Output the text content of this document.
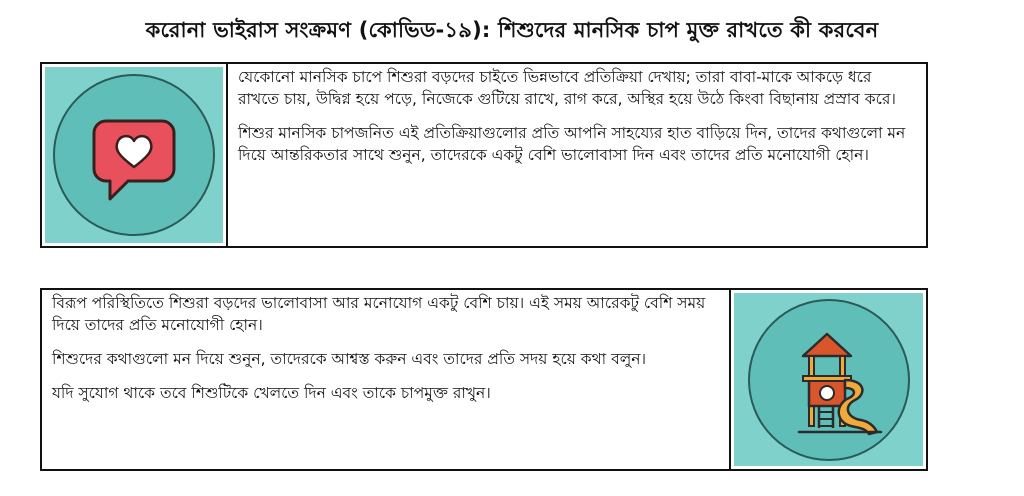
করোনা ভাইরাস সংক্রমণ (কোভিড-১৯): শিশুদের মানসিক চাপ মুক্ত রাখতে কী করবেন

যেকোনো মানসিক চাপে শিশুরা বড়দের চাইতে ভিন্নভাবে প্রতিক্রিয়া দেখায়; তারা বাবা-মাকে আকড়ে ধরে রাখতে চায়, উদ্বিগ্ন হয়ে পড়ে, নিজেকে গুটিয়ে রাখে, রাগ করে, অস্থির হয়ে উঠে কিংবা বিছানায় প্রস্রাব করে।

শিশুর মানসিক চাপজনিত এই প্রতিক্রিয়াগুলোর প্রতি আপনি সাহয্যের হাত বাড়িয়ে দিন, তাদের কথাগুলো মন দিয়ে আন্তরিকতার সাথে শুনুন, তাদেরকে একটু বেশি ভালোবাসা দিন এবং তাদের প্রতি মনোযোগী হোন।

বিরূপ পরিস্থিতিতে শিশুরা বড়দের ভালোবাসা আর মনোযোগ একটু বেশি চায়। এই সময় আরেকটু বেশি সময় দিয়ে তাদের প্রতি মনোযোগী হোন।

শিশুদের কথাগুলো মন দিয়ে শুনুন, তাদেরকে আশ্বস্ত করুন এবং তাদের প্রতি সদয় হয়ে কথা বলুন।

যদি সুযোগ থাকে তবে শিশুটিকে খেলতে দিন এবং তাকে চাপমুক্ত রাখুন।
